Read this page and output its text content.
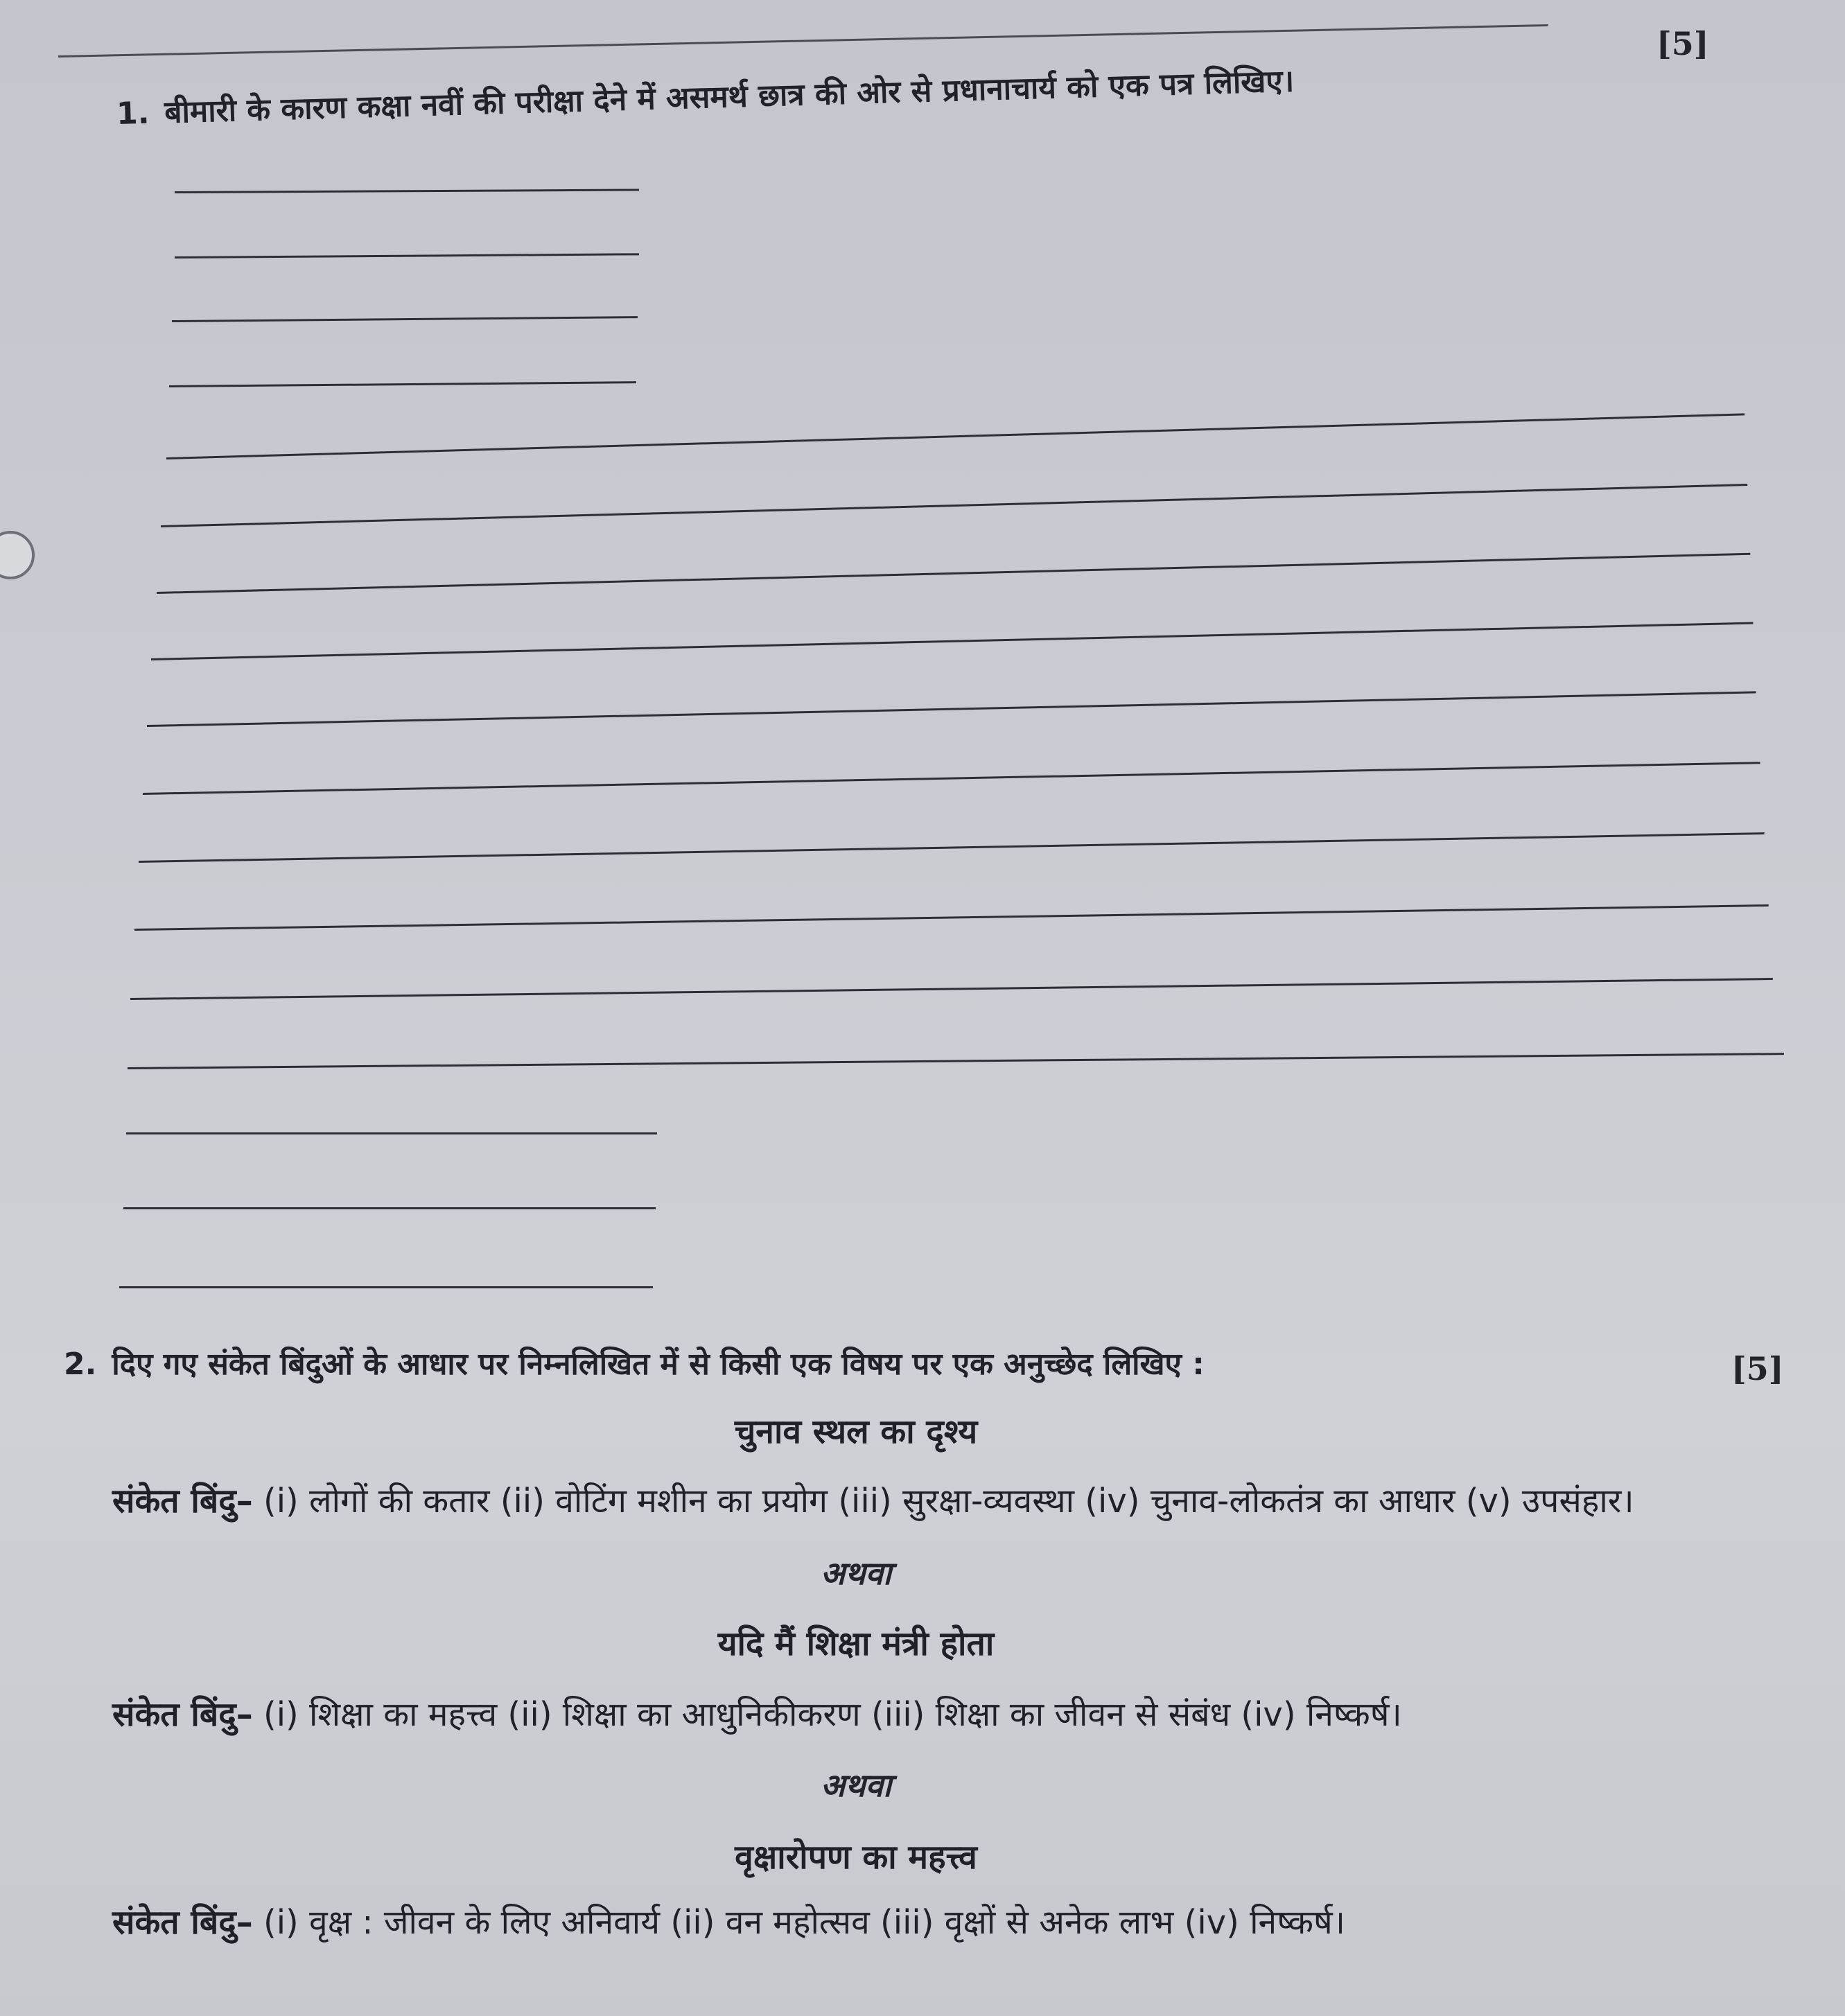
[5]
1. बीमारी के कारण कक्षा नवीं की परीक्षा देने में असमर्थ छात्र की ओर से प्रधानाचार्य को एक पत्र लिखिए।
2. दिए गए संकेत बिंदुओं के आधार पर निम्नलिखित में से किसी एक विषय पर एक अनुच्छेद लिखिए :	[5]
चुनाव स्थल का दृश्य
संकेत बिंदु– (i) लोगों की कतार (ii) वोटिंग मशीन का प्रयोग (iii) सुरक्षा-व्यवस्था (iv) चुनाव-लोकतंत्र का आधार (v) उपसंहार।
अथवा
यदि मैं शिक्षा मंत्री होता
संकेत बिंदु– (i) शिक्षा का महत्त्व (ii) शिक्षा का आधुनिकीकरण (iii) शिक्षा का जीवन से संबंध (iv) निष्कर्ष।
अथवा
वृक्षारोपण का महत्त्व
संकेत बिंदु– (i) वृक्ष : जीवन के लिए अनिवार्य (ii) वन महोत्सव (iii) वृक्षों से अनेक लाभ (iv) निष्कर्ष।
